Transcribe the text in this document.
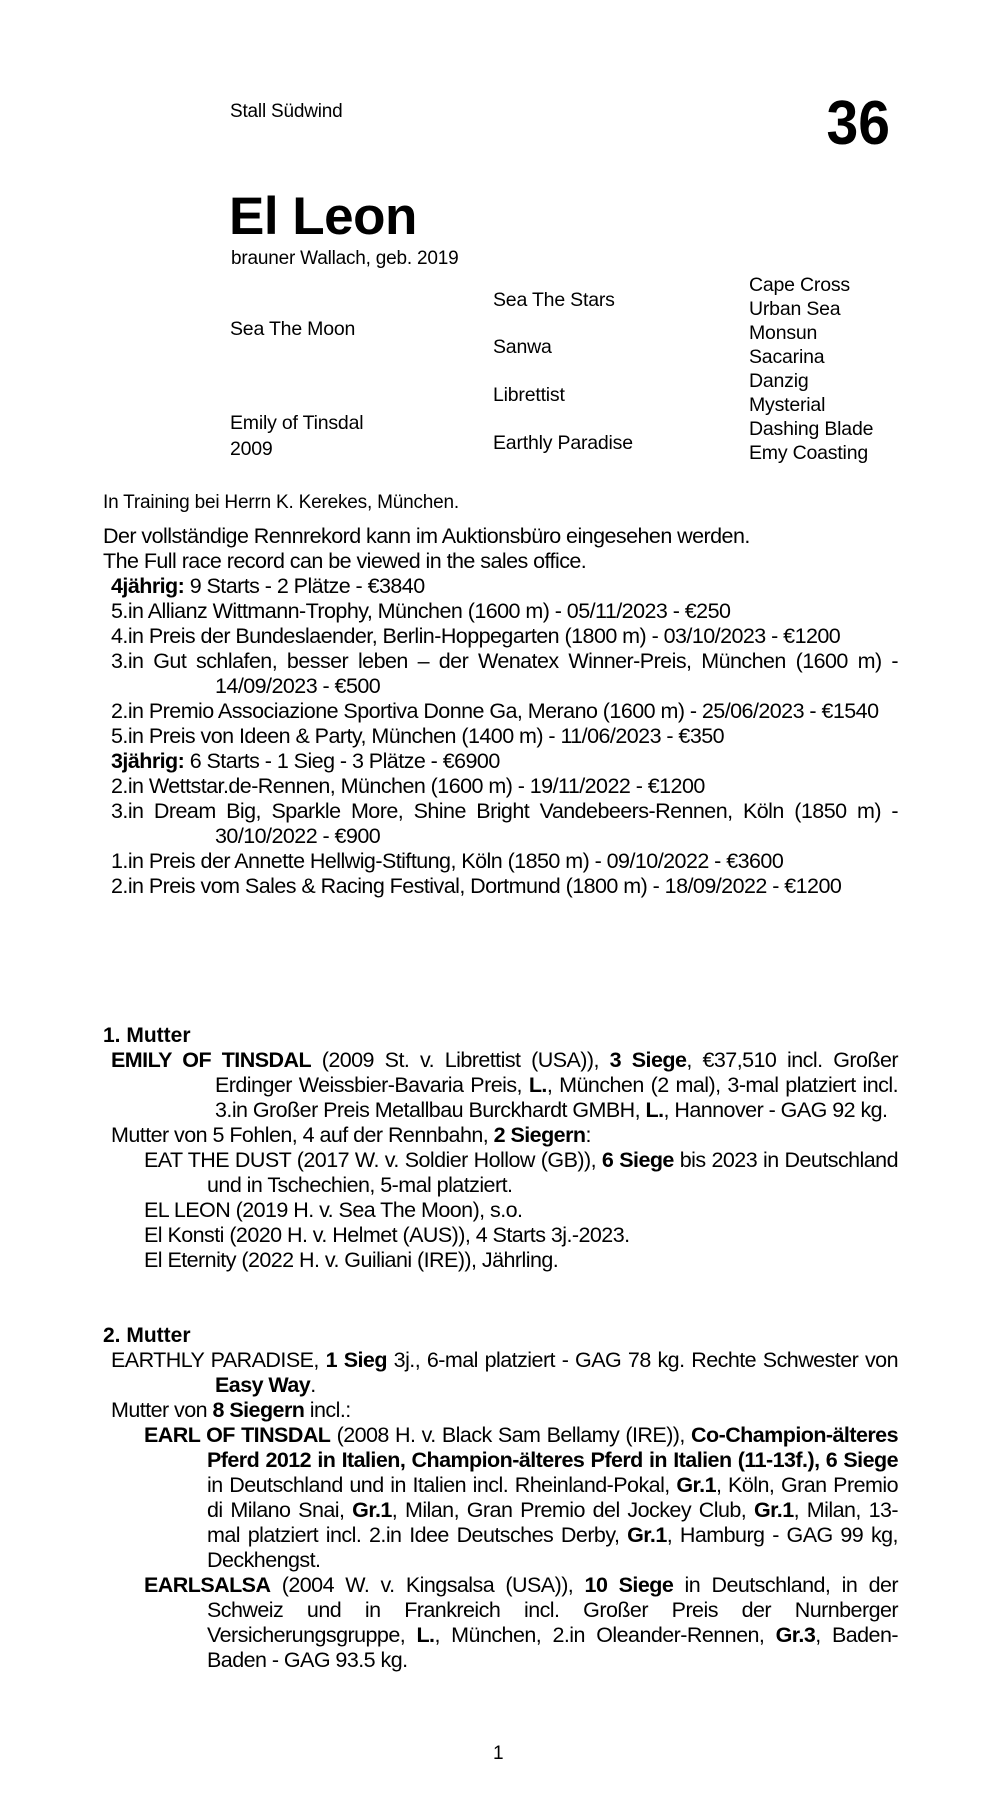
Stall Südwind	36
El Leon
brauner Wallach, geb. 2019
Sea The Moon
Emily of Tinsdal
2009
Sea The Stars
Sanwa
Librettist
Earthly Paradise
Cape Cross
Urban Sea
Monsun
Sacarina
Danzig
Mysterial
Dashing Blade
Emy Coasting
In Training bei Herrn K. Kerekes, München.
Der vollständige Rennrekord kann im Auktionsbüro eingesehen werden.
The Full race record can be viewed in the sales office.
4jährig: 9 Starts - 2 Plätze - €3840
5.in Allianz Wittmann-Trophy, München (1600 m) - 05/11/2023 - €250
4.in Preis der Bundeslaender, Berlin-Hoppegarten (1800 m) - 03/10/2023 - €1200
3.in Gut schlafen, besser leben – der Wenatex Winner-Preis, München (1600 m) - 14/09/2023 - €500
2.in Premio Associazione Sportiva Donne Ga, Merano (1600 m) - 25/06/2023 - €1540
5.in Preis von Ideen & Party, München (1400 m) - 11/06/2023 - €350
3jährig: 6 Starts - 1 Sieg - 3 Plätze - €6900
2.in Wettstar.de-Rennen, München (1600 m) - 19/11/2022 - €1200
3.in Dream Big, Sparkle More, Shine Bright Vandebeers-Rennen, Köln (1850 m) - 30/10/2022 - €900
1.in Preis der Annette Hellwig-Stiftung, Köln (1850 m) - 09/10/2022 - €3600
2.in Preis vom Sales & Racing Festival, Dortmund (1800 m) - 18/09/2022 - €1200
1. Mutter
EMILY OF TINSDAL (2009 St. v. Librettist (USA)), 3 Siege, €37,510 incl. Großer Erdinger Weissbier-Bavaria Preis, L., München (2 mal), 3-mal platziert incl. 3.in Großer Preis Metallbau Burckhardt GMBH, L., Hannover - GAG 92 kg.
Mutter von 5 Fohlen, 4 auf der Rennbahn, 2 Siegern:
EAT THE DUST (2017 W. v. Soldier Hollow (GB)), 6 Siege bis 2023 in Deutschland und in Tschechien, 5-mal platziert.
EL LEON (2019 H. v. Sea The Moon), s.o.
El Konsti (2020 H. v. Helmet (AUS)), 4 Starts 3j.-2023.
El Eternity (2022 H. v. Guiliani (IRE)), Jährling.
2. Mutter
EARTHLY PARADISE, 1 Sieg 3j., 6-mal platziert - GAG 78 kg. Rechte Schwester von Easy Way.
Mutter von 8 Siegern incl.:
EARL OF TINSDAL (2008 H. v. Black Sam Bellamy (IRE)), Co-Champion-älteres Pferd 2012 in Italien, Champion-älteres Pferd in Italien (11-13f.), 6 Siege in Deutschland und in Italien incl. Rheinland-Pokal, Gr.1, Köln, Gran Premio di Milano Snai, Gr.1, Milan, Gran Premio del Jockey Club, Gr.1, Milan, 13-mal platziert incl. 2.in Idee Deutsches Derby, Gr.1, Hamburg - GAG 99 kg, Deckhengst.
EARLSALSA (2004 W. v. Kingsalsa (USA)), 10 Siege in Deutschland, in der Schweiz und in Frankreich incl. Großer Preis der Nurnberger Versicherungsgruppe, L., München, 2.in Oleander-Rennen, Gr.3, Baden-Baden - GAG 93.5 kg.
1
